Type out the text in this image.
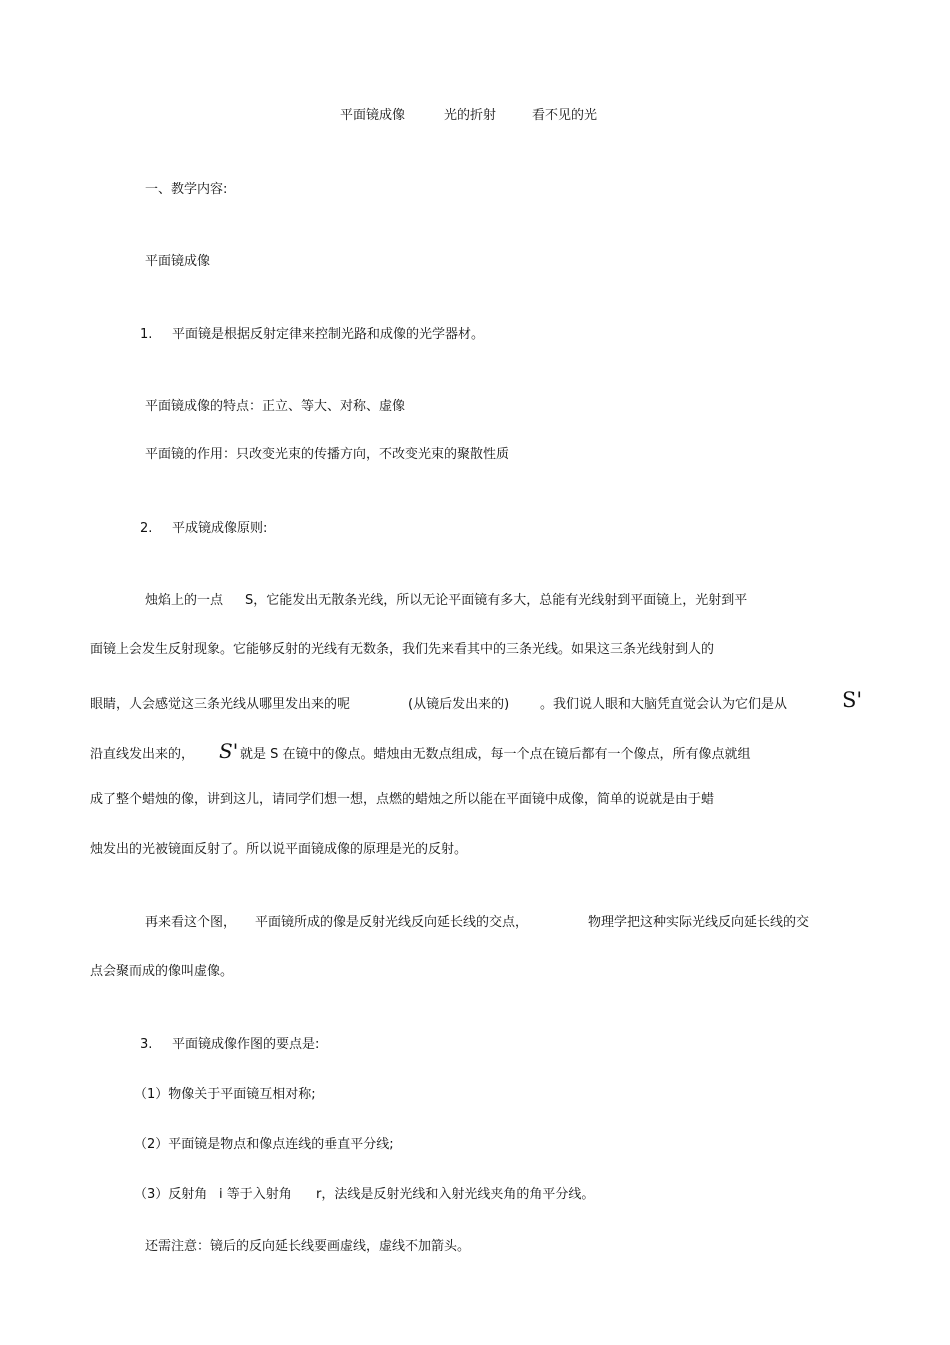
平面镜成像	光的折射	看不见的光
一、教学内容:
平面镜成像
1. 平面镜是根据反射定律来控制光路和成像的光学器材。
平面镜成像的特点：正立、等大、对称、虚像
平面镜的作用：只改变光束的传播方向，不改变光束的聚散性质
2. 平成镜成像原则:
烛焰上的一点 S，它能发出无散条光线，所以无论平面镜有多大，总能有光线射到平面镜上，光射到平
面镜上会发生反射现象。它能够反射的光线有无数条，我们先来看其中的三条光线。如果这三条光线射到人的
眼睛，人会感觉这三条光线从哪里发出来的呢	(从镜后发出来的) 。我们说人眼和大脑凭直觉会认为它们是从	S'
沿直线发出来的， S' 就是 S 在镜中的像点。蜡烛由无数点组成，每一个点在镜后都有一个像点，所有像点就组
成了整个蜡烛的像，讲到这儿，请同学们想一想，点燃的蜡烛之所以能在平面镜中成像，简单的说就是由于蜡
烛发出的光被镜面反射了。所以说平面镜成像的原理是光的反射。
再来看这个图， 平面镜所成的像是反射光线反向延长线的交点，	物理学把这种实际光线反向延长线的交
点会聚而成的像叫虚像。
3. 平面镜成像作图的要点是:
（1）物像关于平面镜互相对称;
（2）平面镜是物点和像点连线的垂直平分线;
（3）反射角 i 等于入射角 r，法线是反射光线和入射光线夹角的角平分线。
还需注意：镜后的反向延长线要画虚线，虚线不加箭头。
